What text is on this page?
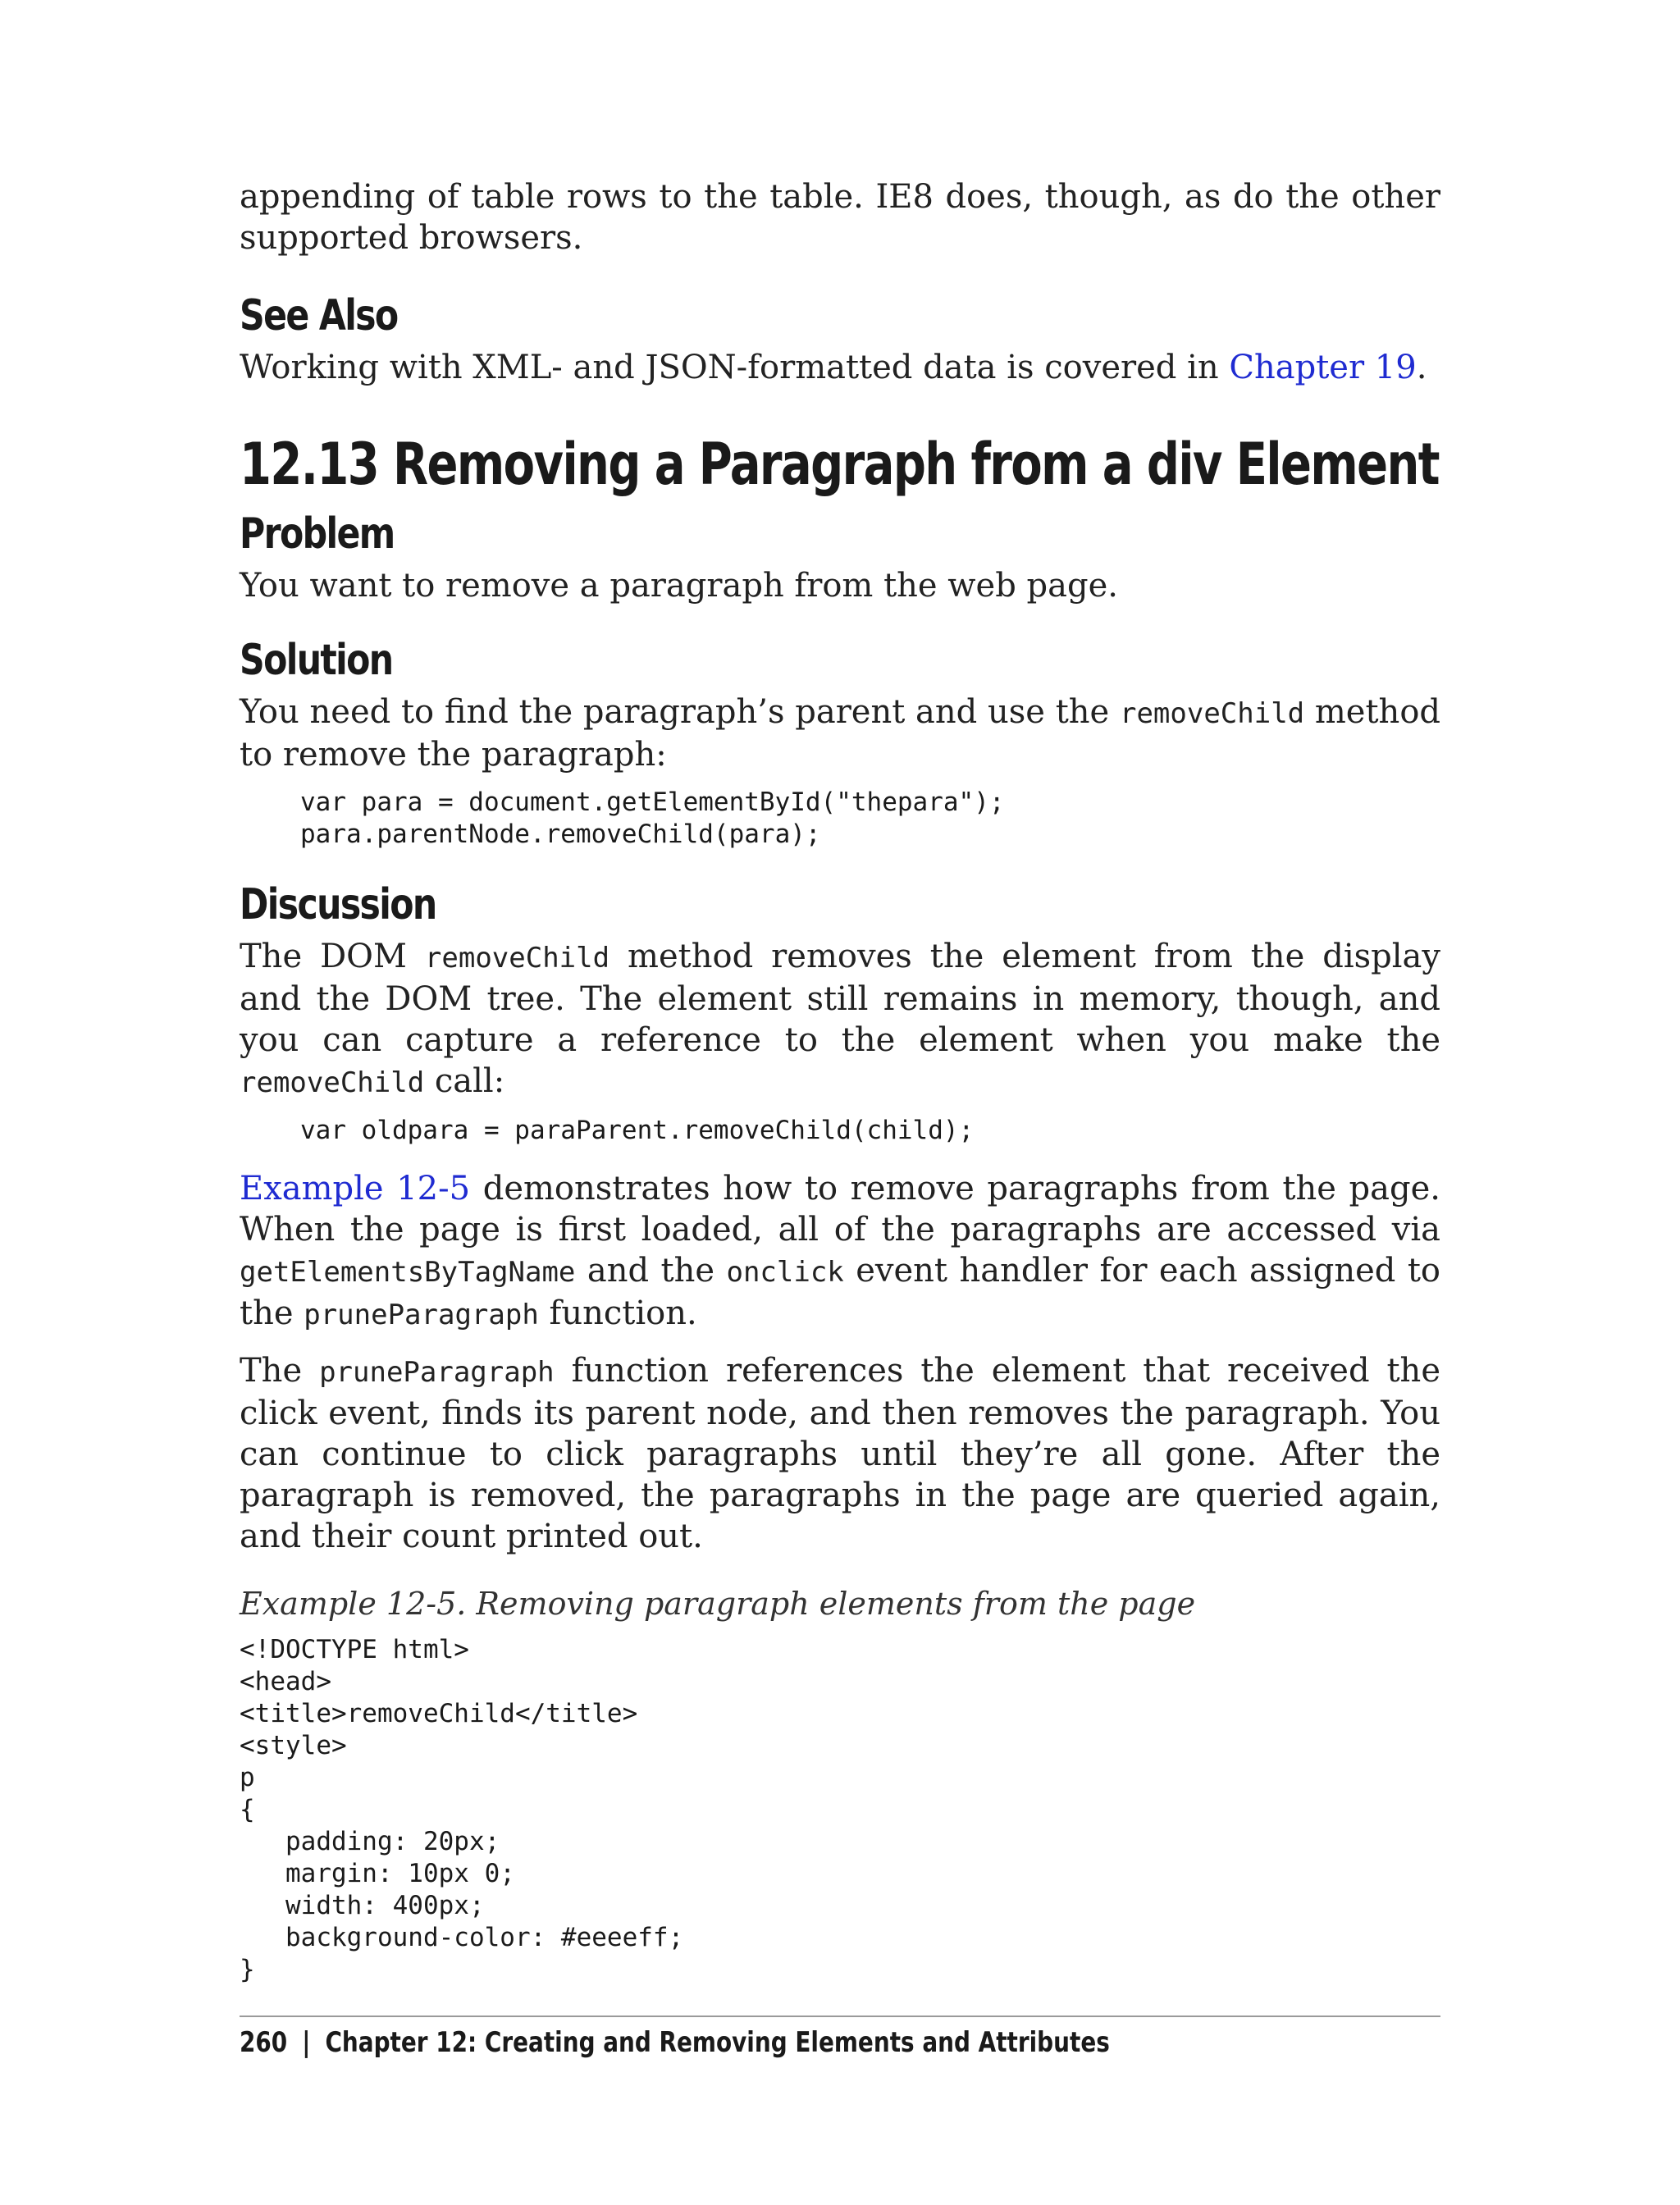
appending of table rows to the table. IE8 does, though, as do the other supported browsers.

See Also

Working with XML- and JSON-formatted data is covered in Chapter 19.

12.13 Removing a Paragraph from a div Element
Problem

You want to remove a paragraph from the web page.

Solution

You need to find the paragraph’s parent and use the removeChild method to remove the paragraph:

var para = document.getElementById("thepara");
para.parentNode.removeChild(para);
Discussion

The DOM removeChild method removes the element from the display and the DOM tree. The element still remains in memory, though, and you can capture a reference to the element when you make the removeChild call:

var oldpara = paraParent.removeChild(child);

Example 12-5 demonstrates how to remove paragraphs from the page. When the page is first loaded, all of the paragraphs are accessed via getElementsByTagName and the onclick event handler for each assigned to the pruneParagraph function.

The pruneParagraph function references the element that received the click event, finds its parent node, and then removes the paragraph. You can continue to click paragraphs until they’re all gone. After the paragraph is removed, the paragraphs in the page are queried again, and their count printed out.

Example 12-5. Removing paragraph elements from the page

<!DOCTYPE html>
<head>
<title>removeChild</title>
<style>
p
{
padding: 20px;
margin: 10px 0;
width: 400px;
background-color: #eeeeff;
}
260 | Chapter 12: Creating and Removing Elements and Attributes
